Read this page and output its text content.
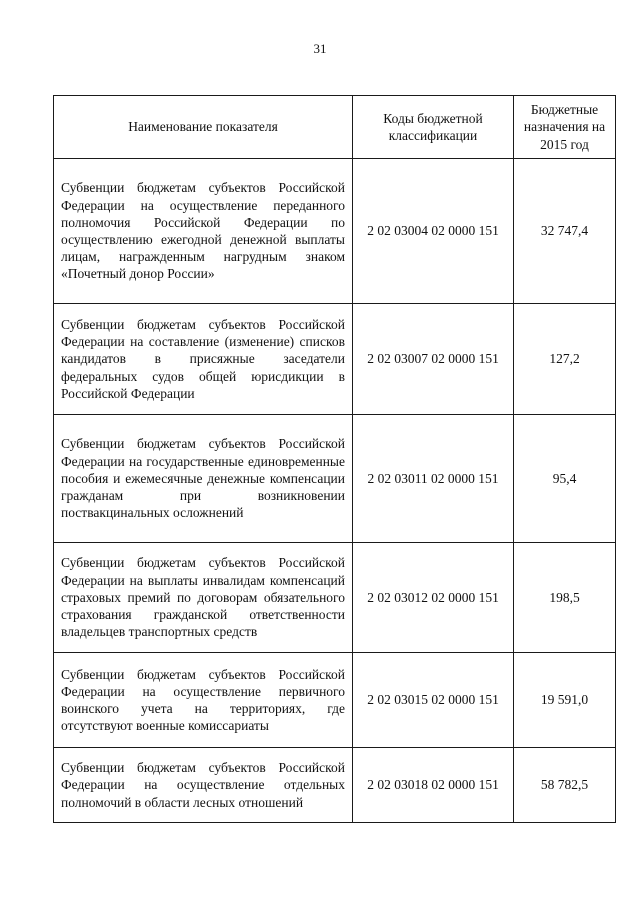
31
Наименование показателя	Коды бюджетной классификации	Бюджетные назначения на 2015 год
Субвенции бюджетам субъектов Российской Федерации на осуществление переданного полномочия Российской Федерации по осуществлению ежегодной денежной выплаты лицам, награжденным нагрудным знаком «Почетный донор России»	2 02 03004 02 0000 151	32 747,4
Субвенции бюджетам субъектов Российской Федерации на составление (изменение) списков кандидатов в присяжные заседатели федеральных судов общей юрисдикции в Российской Федерации	2 02 03007 02 0000 151	127,2
Субвенции бюджетам субъектов Российской Федерации на государственные единовременные пособия и ежемесячные денежные компенсации гражданам при возникновении поствакцинальных осложнений	2 02 03011 02 0000 151	95,4
Субвенции бюджетам субъектов Российской Федерации на выплаты инвалидам компенсаций страховых премий по договорам обязательного страхования гражданской ответственности владельцев транспортных средств	2 02 03012 02 0000 151	198,5
Субвенции бюджетам субъектов Российской Федерации на осуществление первичного воинского учета на территориях, где отсутствуют военные комиссариаты	2 02 03015 02 0000 151	19 591,0
Субвенции бюджетам субъектов Российской Федерации на осуществление отдельных полномочий в области лесных отношений	2 02 03018 02 0000 151	58 782,5
